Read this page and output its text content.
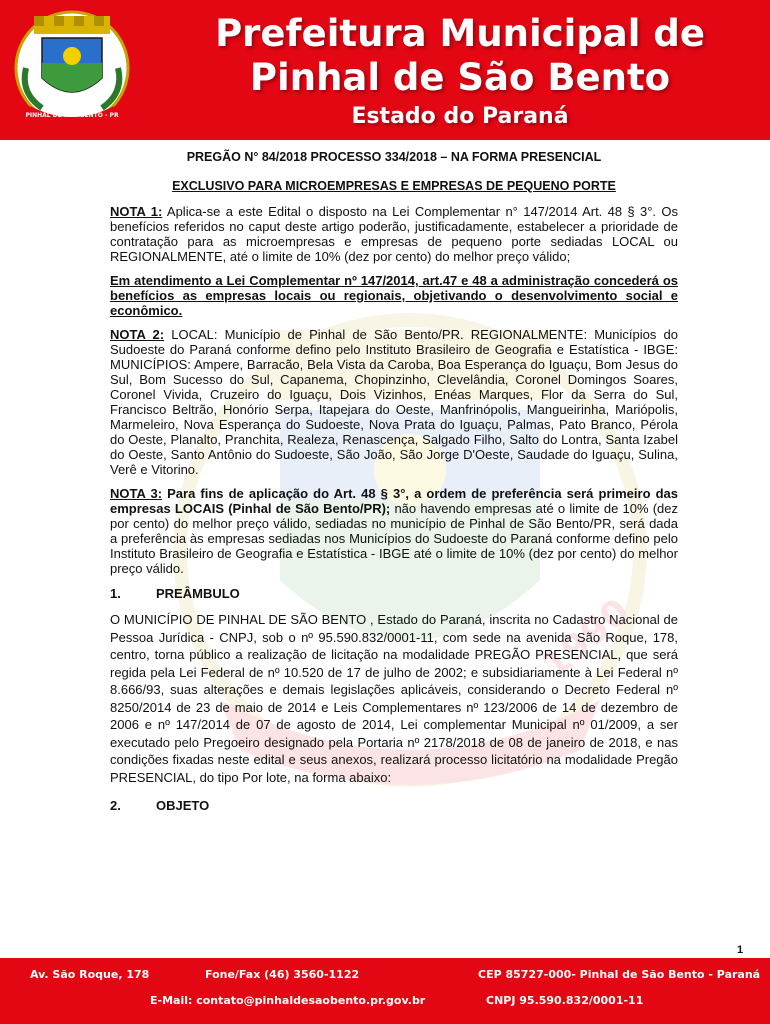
PINHAL DE SÃO BENTO - PR
Prefeitura Municipal de
Pinhal de São Bento
Estado do Paraná
1990

PREGÃO N° 84/2018 PROCESSO 334/2018 – NA FORMA PRESENCIAL

EXCLUSIVO PARA MICROEMPRESAS E EMPRESAS DE PEQUENO PORTE

NOTA 1: Aplica-se a este Edital o disposto na Lei Complementar n° 147/2014 Art. 48 § 3°. Os benefícios referidos no caput deste artigo poderão, justificadamente, estabelecer a prioridade de contratação para as microempresas e empresas de pequeno porte sediadas LOCAL ou REGIONALMENTE, até o limite de 10% (dez por cento) do melhor preço válido;

Em atendimento a Lei Complementar nº 147/2014, art.47 e 48 a administração concederá os benefícios as empresas locais ou regionais, objetivando o desenvolvimento social e econômico.

NOTA 2: LOCAL: Município de Pinhal de São Bento/PR. REGIONALMENTE: Municípios do Sudoeste do Paraná conforme defino pelo Instituto Brasileiro de Geografia e Estatística - IBGE: MUNICÍPIOS: Ampere, Barracão, Bela Vista da Caroba, Boa Esperança do Iguaçu, Bom Jesus do Sul, Bom Sucesso do Sul, Capanema, Chopinzinho, Clevelândia, Coronel Domingos Soares, Coronel Vivida, Cruzeiro do Iguaçu, Dois Vizinhos, Enéas Marques, Flor da Serra do Sul, Francisco Beltrão, Honório Serpa, Itapejara do Oeste, Manfrinópolis, Mangueirinha, Mariópolis, Marmeleiro, Nova Esperança do Sudoeste, Nova Prata do Iguaçu, Palmas, Pato Branco, Pérola do Oeste, Planalto, Pranchita, Realeza, Renascença, Salgado Filho, Salto do Lontra, Santa Izabel do Oeste, Santo Antônio do Sudoeste, São João, São Jorge D'Oeste, Saudade do Iguaçu, Sulina, Verê e Vitorino.

NOTA 3: Para fins de aplicação do Art. 48 § 3°, a ordem de preferência será primeiro das empresas LOCAIS (Pinhal de São Bento/PR); não havendo empresas até o limite de 10% (dez por cento) do melhor preço válido, sediadas no município de Pinhal de São Bento/PR, será dada a preferência às empresas sediadas nos Municípios do Sudoeste do Paraná conforme defino pelo Instituto Brasileiro de Geografia e Estatística - IBGE até o limite de 10% (dez por cento) do melhor preço válido.

1.	PREÂMBULO

O MUNICÍPIO DE PINHAL DE SÃO BENTO , Estado do Paraná, inscrita no Cadastro Nacional de Pessoa Jurídica - CNPJ, sob o nº 95.590.832/0001-11, com sede na avenida São Roque, 178, centro, torna público a realização de licitação na modalidade PREGÃO PRESENCIAL, que será regida pela Lei Federal de nº 10.520 de 17 de julho de 2002; e subsidiariamente à Lei Federal nº 8.666/93, suas alterações e demais legislações aplicáveis, considerando o Decreto Federal nº 8250/2014 de 23 de maio de 2014 e Leis Complementares nº 123/2006 de 14 de dezembro de 2006 e nº 147/2014 de 07 de agosto de 2014, Lei complementar Municipal nº 01/2009, a ser executado pelo Pregoeiro designado pela Portaria nº 2178/2018 de 08 de janeiro de 2018, e nas condições fixadas neste edital e seus anexos, realizará processo licitatório na modalidade Pregão PRESENCIAL, do tipo Por lote, na forma abaixo:

2.	OBJETO
1
Av. São Roque, 178	Fone/Fax (46) 3560-1122	CEP 85727-000- Pinhal de São Bento - Paraná
E-Mail: contato@pinhaldesaobento.pr.gov.br	CNPJ 95.590.832/0001-11
